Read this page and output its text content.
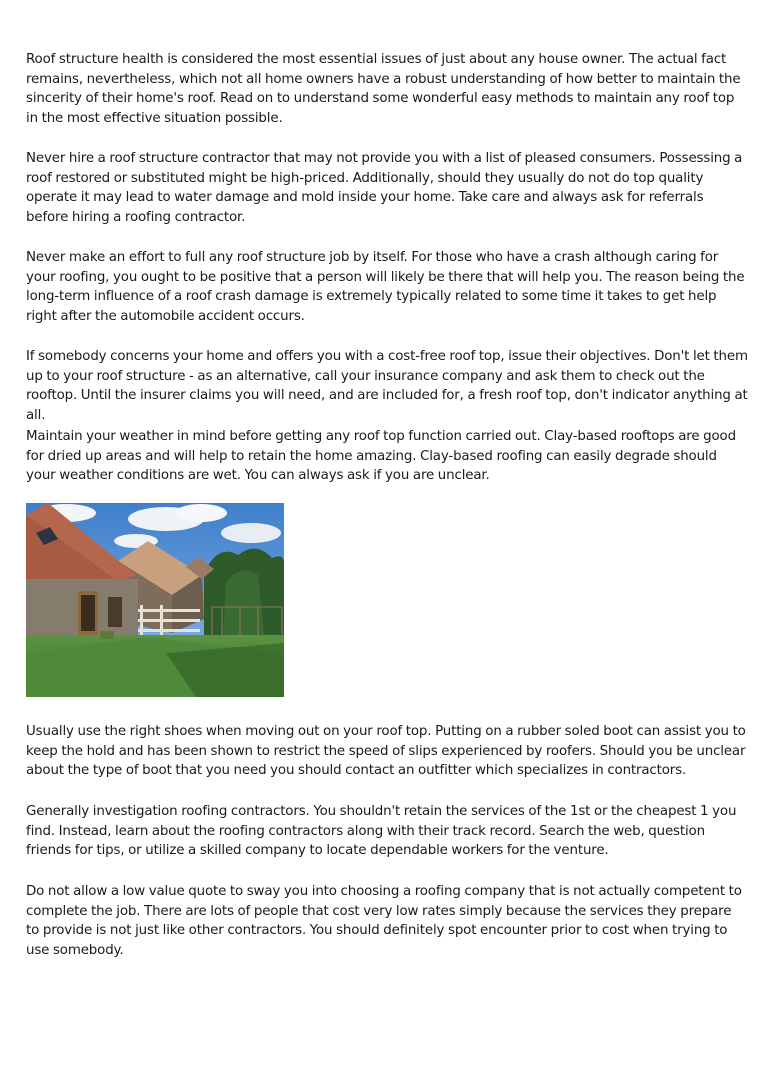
Roof structure health is considered the most essential issues of just about any house owner. The actual fact remains, nevertheless, which not all home owners have a robust understanding of how better to maintain the sincerity of their home's roof. Read on to understand some wonderful easy methods to maintain any roof top in the most effective situation possible.

Never hire a roof structure contractor that may not provide you with a list of pleased consumers. Possessing a roof restored or substituted might be high-priced. Additionally, should they usually do not do top quality operate it may lead to water damage and mold inside your home. Take care and always ask for referrals before hiring a roofing contractor.

Never make an effort to full any roof structure job by itself. For those who have a crash although caring for your roofing, you ought to be positive that a person will likely be there that will help you. The reason being the long-term influence of a roof crash damage is extremely typically related to some time it takes to get help right after the automobile accident occurs.

If somebody concerns your home and offers you with a cost-free roof top, issue their objectives. Don't let them up to your roof structure - as an alternative, call your insurance company and ask them to check out the rooftop. Until the insurer claims you will need, and are included for, a fresh roof top, don't indicator anything at all.

Maintain your weather in mind before getting any roof top function carried out. Clay-based rooftops are good for dried up areas and will help to retain the home amazing. Clay-based roofing can easily degrade should your weather conditions are wet. You can always ask if you are unclear.

Usually use the right shoes when moving out on your roof top. Putting on a rubber soled boot can assist you to keep the hold and has been shown to restrict the speed of slips experienced by roofers. Should you be unclear about the type of boot that you need you should contact an outfitter which specializes in contractors.

Generally investigation roofing contractors. You shouldn't retain the services of the 1st or the cheapest 1 you find. Instead, learn about the roofing contractors along with their track record. Search the web, question friends for tips, or utilize a skilled company to locate dependable workers for the venture.

Do not allow a low value quote to sway you into choosing a roofing company that is not actually competent to complete the job. There are lots of people that cost very low rates simply because the services they prepare to provide is not just like other contractors. You should definitely spot encounter prior to cost when trying to use somebody.
